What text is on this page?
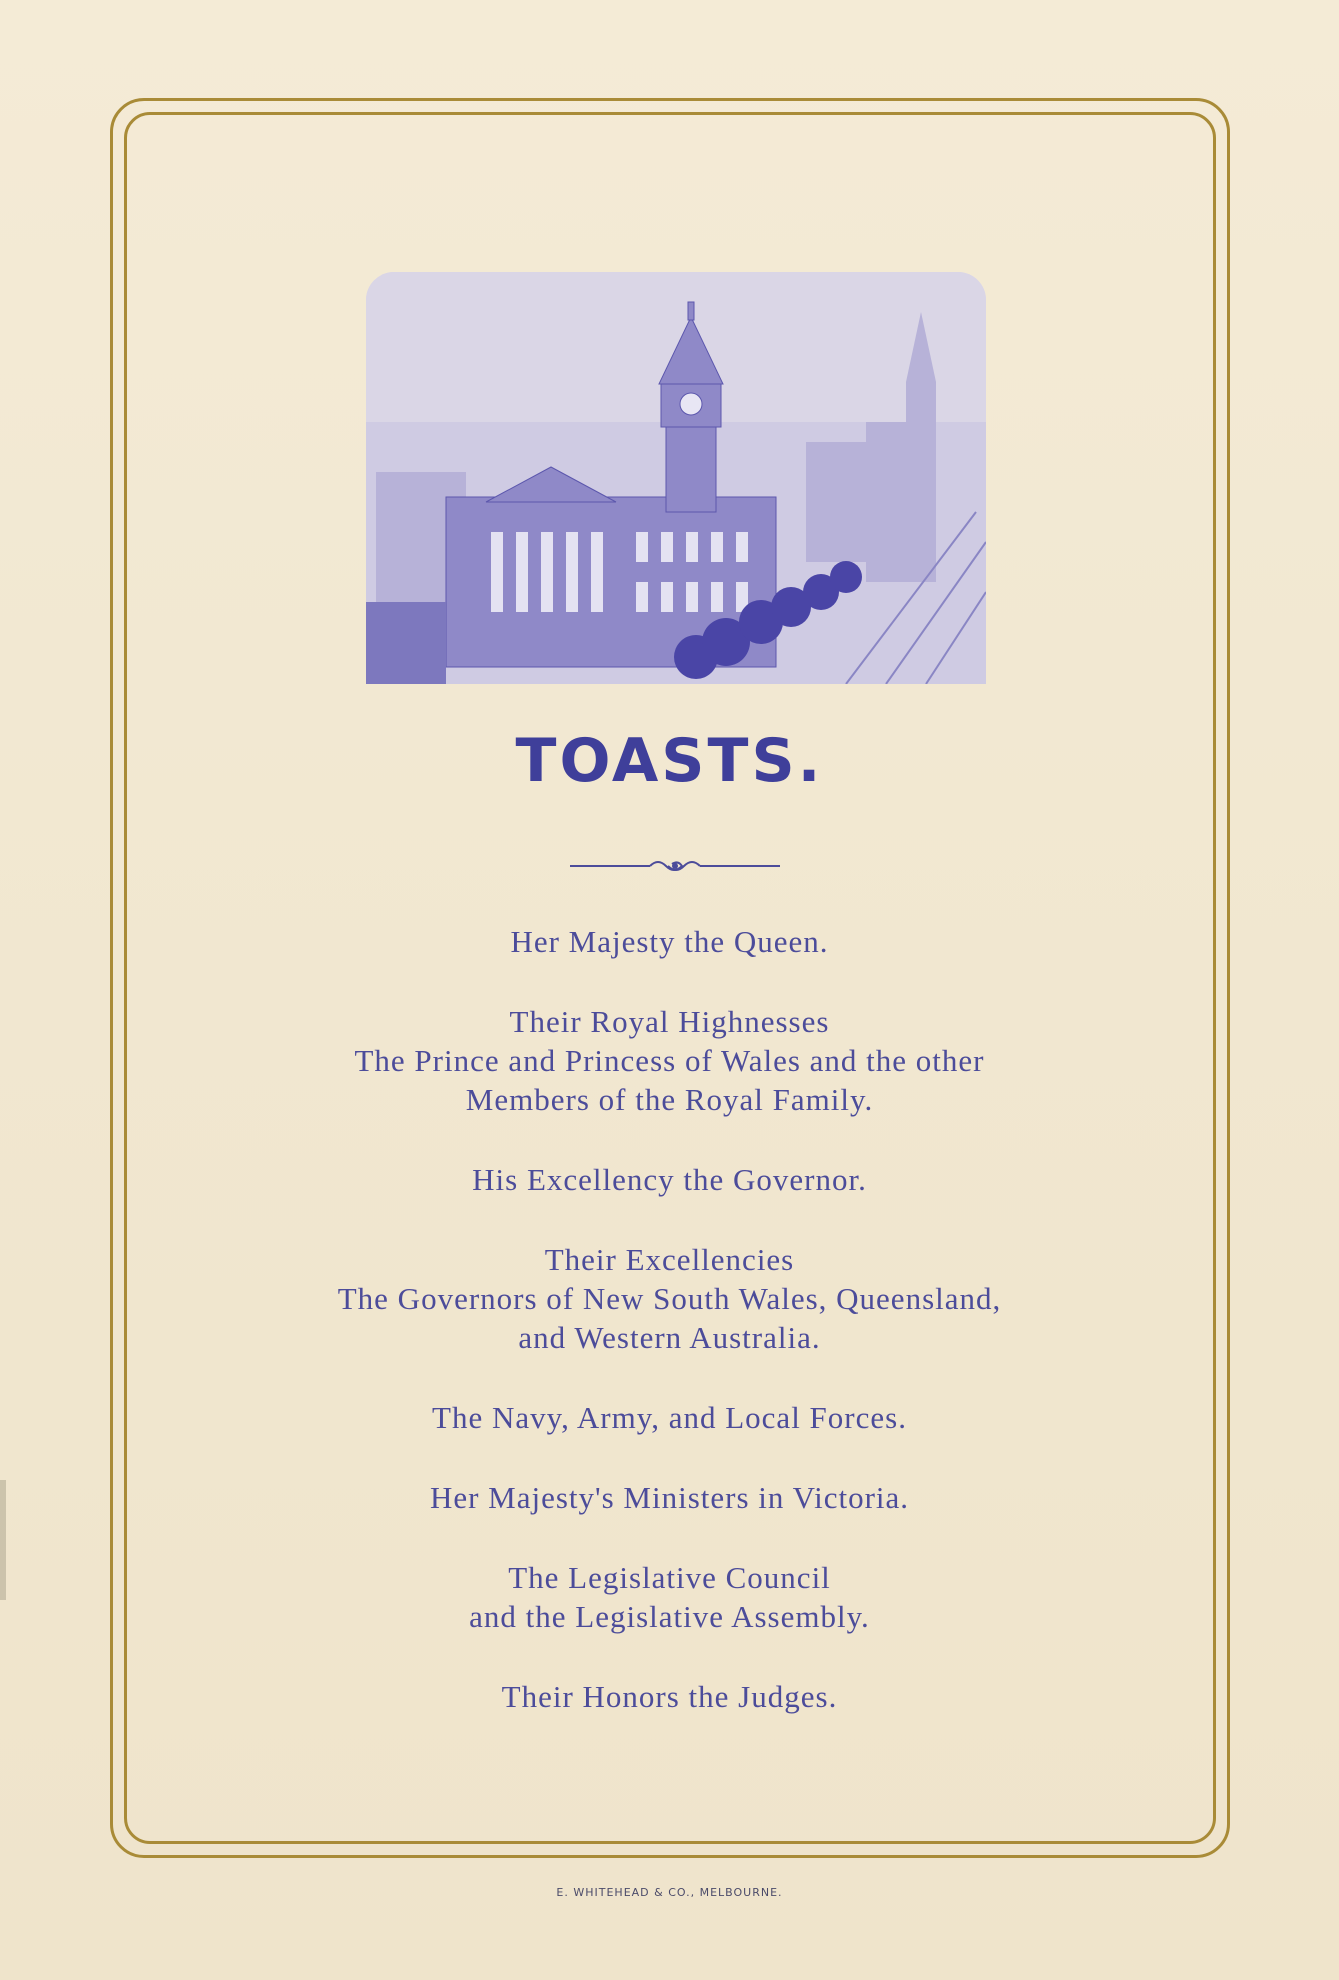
TOASTS.
Her Majesty the Queen.
Their Royal Highnesses
The Prince and Princess of Wales and the other
Members of the Royal Family.
His Excellency the Governor.
Their Excellencies
The Governors of New South Wales, Queensland,
and Western Australia.
The Navy, Army, and Local Forces.
Her Majesty's Ministers in Victoria.
The Legislative Council
and the Legislative Assembly.
Their Honors the Judges.
E. WHITEHEAD & CO., MELBOURNE.
